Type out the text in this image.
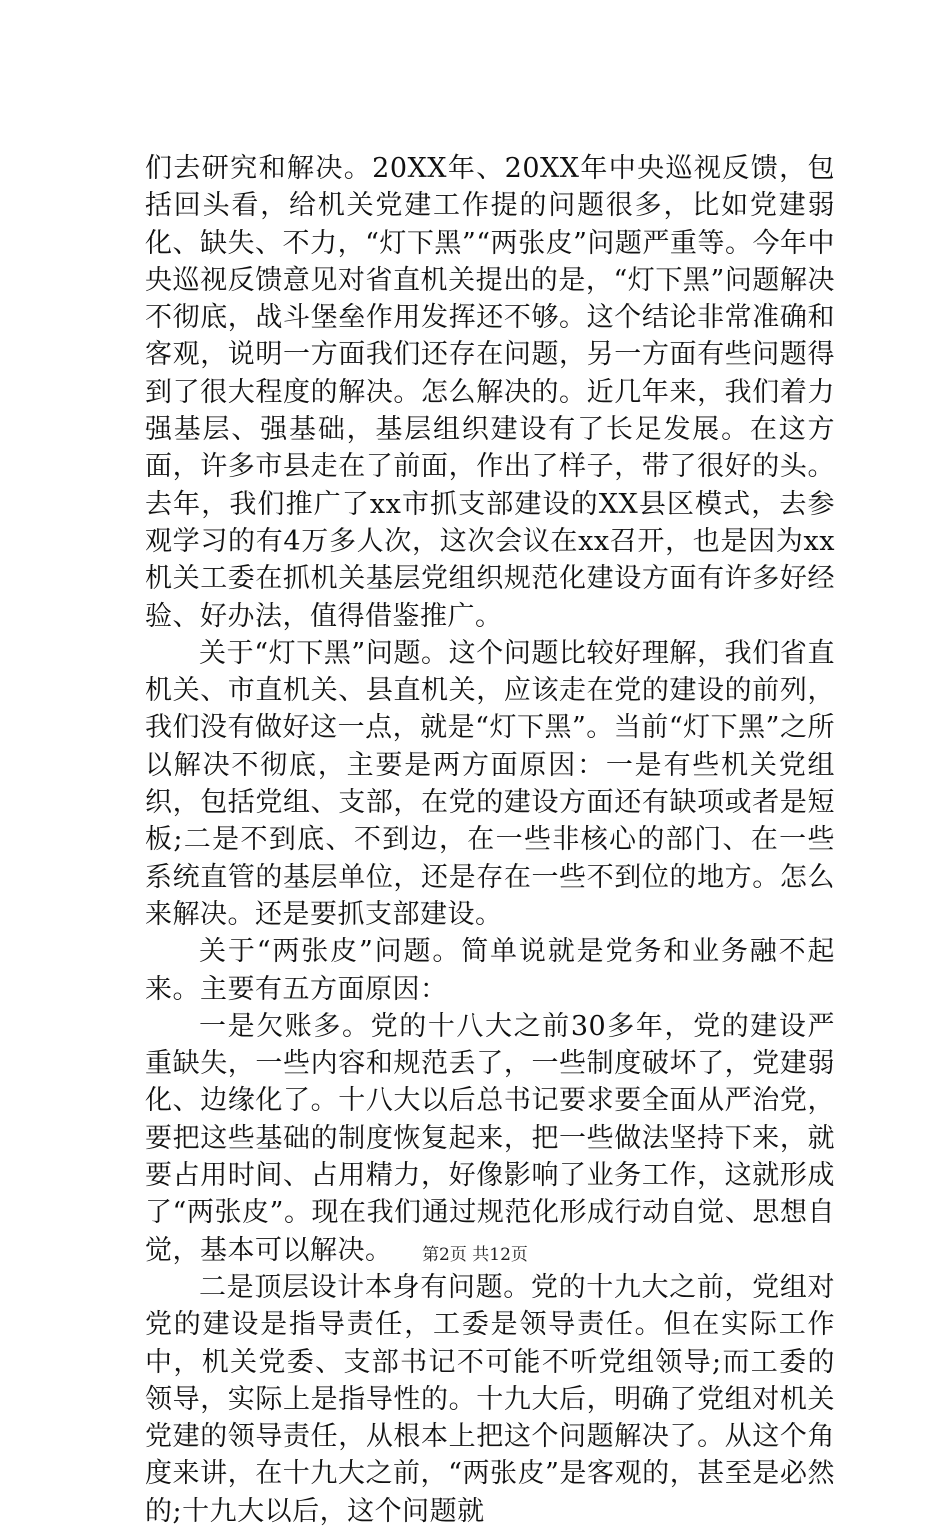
们去研究和解决。20XX年、20XX年中央巡视反馈，包括回头看，给机关党建工作提的问题很多，比如党建弱化、缺失、不力，“灯下黑”“两张皮”问题严重等。今年中央巡视反馈意见对省直机关提出的是，“灯下黑”问题解决不彻底，战斗堡垒作用发挥还不够。这个结论非常准确和客观，说明一方面我们还存在问题，另一方面有些问题得到了很大程度的解决。怎么解决的。近几年来，我们着力强基层、强基础，基层组织建设有了长足发展。在这方面，许多市县走在了前面，作出了样子，带了很好的头。去年，我们推广了xx市抓支部建设的XX县区模式，去参观学习的有4万多人次，这次会议在xx召开，也是因为xx机关工委在抓机关基层党组织规范化建设方面有许多好经验、好办法，值得借鉴推广。

关于“灯下黑”问题。这个问题比较好理解，我们省直机关、市直机关、县直机关，应该走在党的建设的前列，我们没有做好这一点，就是“灯下黑”。当前“灯下黑”之所以解决不彻底，主要是两方面原因：一是有些机关党组织，包括党组、支部，在党的建设方面还有缺项或者是短板;二是不到底、不到边，在一些非核心的部门、在一些系统直管的基层单位，还是存在一些不到位的地方。怎么来解决。还是要抓支部建设。

关于“两张皮”问题。简单说就是党务和业务融不起来。主要有五方面原因：

一是欠账多。党的十八大之前30多年，党的建设严重缺失，一些内容和规范丢了，一些制度破坏了，党建弱化、边缘化了。十八大以后总书记要求要全面从严治党，要把这些基础的制度恢复起来，把一些做法坚持下来，就要占用时间、占用精力，好像影响了业务工作，这就形成了“两张皮”。现在我们通过规范化形成行动自觉、思想自觉，基本可以解决。

二是顶层设计本身有问题。党的十九大之前，党组对党的建设是指导责任，工委是领导责任。但在实际工作中，机关党委、支部书记不可能不听党组领导;而工委的领导，实际上是指导性的。十九大后，明确了党组对机关党建的领导责任，从根本上把这个问题解决了。从这个角度来讲，在十九大之前，“两张皮”是客观的，甚至是必然的;十九大以后，这个问题就

第2页 共12页
